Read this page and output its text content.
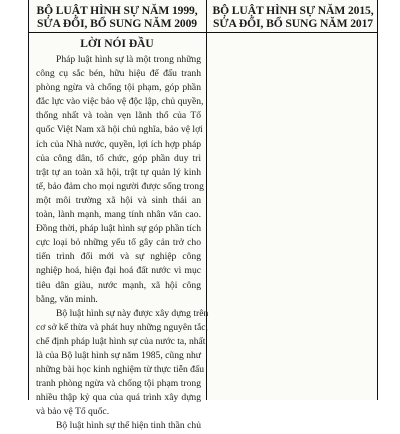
BỘ LUẬT HÌNH SỰ NĂM 1999,
SỬA ĐỔI, BỔ SUNG NĂM 2009
BỘ LUẬT HÌNH SỰ NĂM 2015,
SỬA ĐỔI, BỔ SUNG NĂM 2017
LỜI NÓI ĐẦU
Pháp luật hình sự là một trong những
công cụ sắc bén, hữu hiệu để đấu tranh
phòng ngừa và chống tội phạm, góp phần
đắc lực vào việc bảo vệ độc lập, chủ quyền,
thống nhất và toàn vẹn lãnh thổ của Tổ
quốc Việt Nam xã hội chủ nghĩa, bảo vệ lợi
ích của Nhà nước, quyền, lợi ích hợp pháp
của công dân, tổ chức, góp phần duy trì
trật tự an toàn xã hội, trật tự quản lý kinh
tế, bảo đảm cho mọi người được sống trong
một môi trường xã hội và sinh thái an
toàn, lành mạnh, mang tính nhân văn cao.
Đồng thời, pháp luật hình sự góp phần tích
cực loại bỏ những yếu tố gây cản trở cho
tiến trình đổi mới và sự nghiệp công
nghiệp hoá, hiện đại hoá đất nước vì mục
tiêu dân giàu, nước mạnh, xã hội công
bằng, văn minh.
Bộ luật hình sự này được xây dựng trên
cơ sở kế thừa và phát huy những nguyên tắc,
chế định pháp luật hình sự của nước ta, nhất
là của Bộ luật hình sự năm 1985, cũng như
những bài học kinh nghiệm từ thực tiễn đấu
tranh phòng ngừa và chống tội phạm trong
nhiều thập kỷ qua của quá trình xây dựng
và bảo vệ Tổ quốc.
Bộ luật hình sự thể hiện tinh thần chủ
